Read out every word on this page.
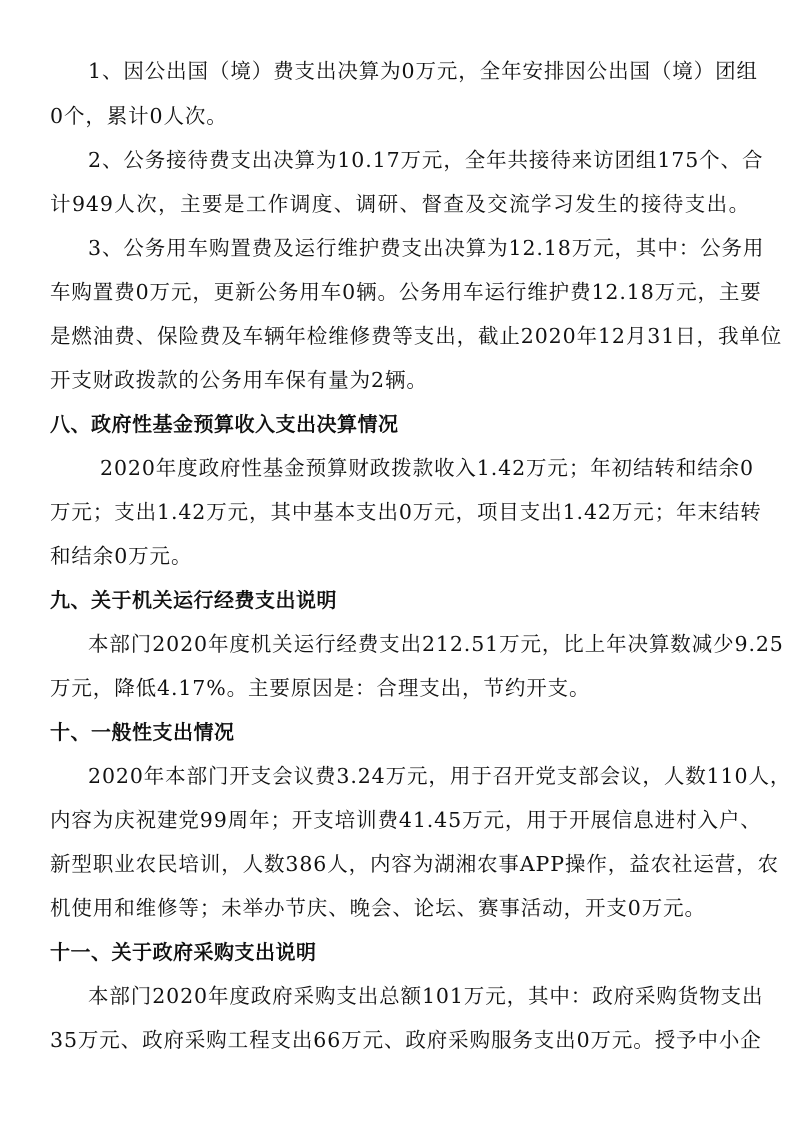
1、因公出国（境）费支出决算为0万元，全年安排因公出国（境）团组
0个，累计0人次。
2、公务接待费支出决算为10.17万元，全年共接待来访团组175个、合
计949人次，主要是工作调度、调研、督查及交流学习发生的接待支出。
3、公务用车购置费及运行维护费支出决算为12.18万元，其中：公务用
车购置费0万元，更新公务用车0辆。公务用车运行维护费12.18万元，主要
是燃油费、保险费及车辆年检维修费等支出，截止2020年12月31日，我单位
开支财政拨款的公务用车保有量为2辆。
八、政府性基金预算收入支出决算情况
2020年度政府性基金预算财政拨款收入1.42万元；年初结转和结余0
万元；支出1.42万元，其中基本支出0万元，项目支出1.42万元；年末结转
和结余0万元。
九、关于机关运行经费支出说明
本部门2020年度机关运行经费支出212.51万元，比上年决算数减少9.25
万元，降低4.17%。主要原因是：合理支出，节约开支。
十、一般性支出情况
2020年本部门开支会议费3.24万元，用于召开党支部会议，人数110人，
内容为庆祝建党99周年；开支培训费41.45万元，用于开展信息进村入户、
新型职业农民培训，人数386人，内容为湖湘农事APP操作，益农社运营，农
机使用和维修等；未举办节庆、晚会、论坛、赛事活动，开支0万元。
十一、关于政府采购支出说明
本部门2020年度政府采购支出总额101万元，其中：政府采购货物支出
35万元、政府采购工程支出66万元、政府采购服务支出0万元。授予中小企
